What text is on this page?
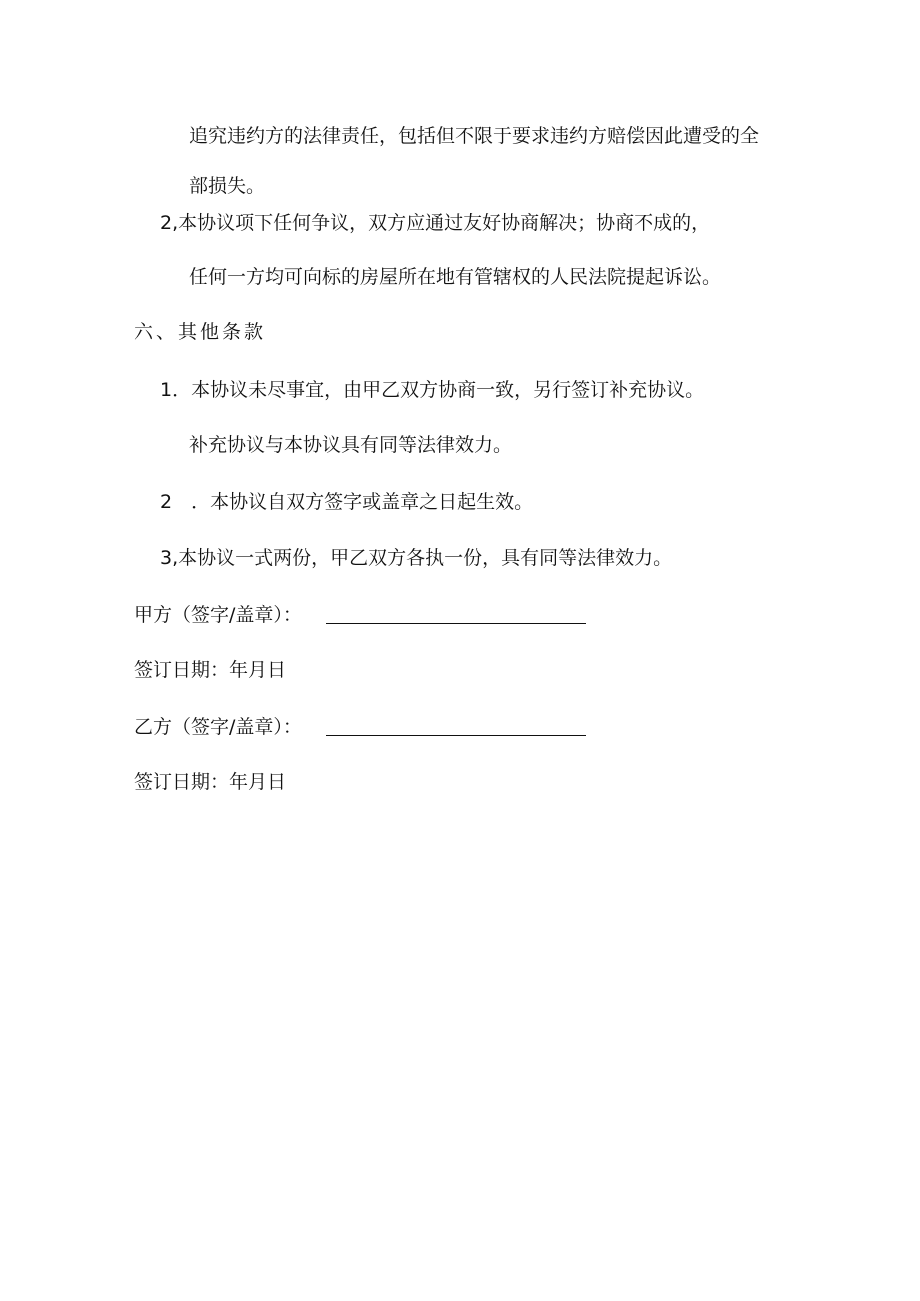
追究违约方的法律责任，包括但不限于要求违约方赔偿因此遭受的全
部损失。
2,本协议项下任何争议，双方应通过友好协商解决；协商不成的，
任何一方均可向标的房屋所在地有管辖权的人民法院提起诉讼。
六、其他条款
1．本协议未尽事宜，由甲乙双方协商一致，另行签订补充协议。
补充协议与本协议具有同等法律效力。
2　．本协议自双方签字或盖章之日起生效。
3,本协议一式两份，甲乙双方各执一份，具有同等法律效力。
甲方（签字/盖章）：
签订日期：年月日
乙方（签字/盖章）：
签订日期：年月日
